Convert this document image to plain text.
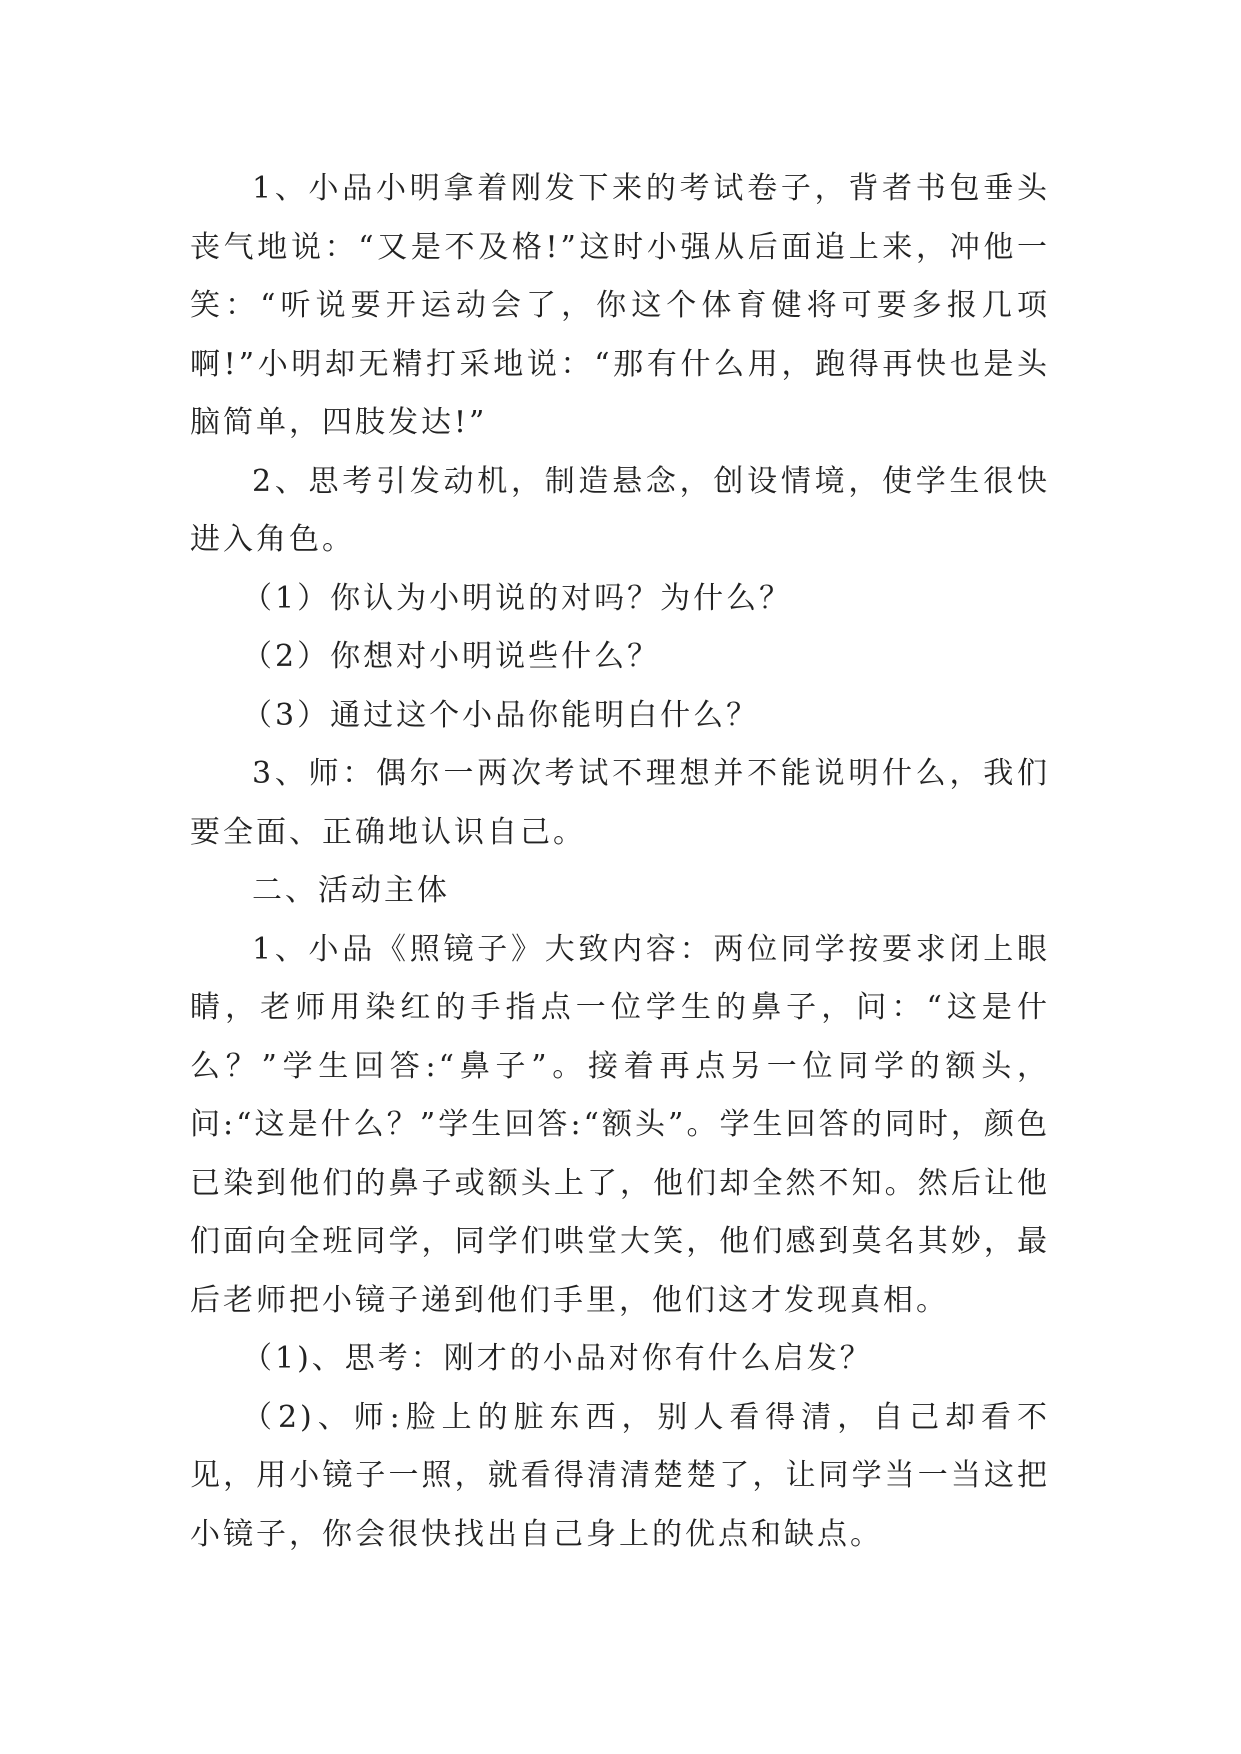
1、小品小明拿着刚发下来的考试卷子，背者书包垂头丧气地说：“又是不及格!”这时小强从后面追上来，冲他一笑：“听说要开运动会了，你这个体育健将可要多报几项啊!”小明却无精打采地说：“那有什么用，跑得再快也是头脑简单，四肢发达!”

2、思考引发动机，制造悬念，创设情境，使学生很快进入角色。

（1）你认为小明说的对吗？为什么？

（2）你想对小明说些什么？

（3）通过这个小品你能明白什么？

3、师：偶尔一两次考试不理想并不能说明什么，我们要全面、正确地认识自己。

二、活动主体

1、小品《照镜子》大致内容：两位同学按要求闭上眼睛，老师用染红的手指点一位学生的鼻子，问：“这是什么？”学生回答:“鼻子”。接着再点另一位同学的额头，问:“这是什么？”学生回答:“额头”。学生回答的同时，颜色已染到他们的鼻子或额头上了，他们却全然不知。然后让他们面向全班同学，同学们哄堂大笑，他们感到莫名其妙，最后老师把小镜子递到他们手里，他们这才发现真相。

（1)、思考：刚才的小品对你有什么启发？

（2)、师:脸上的脏东西，别人看得清，自己却看不见，用小镜子一照，就看得清清楚楚了，让同学当一当这把小镜子，你会很快找出自己身上的优点和缺点。
